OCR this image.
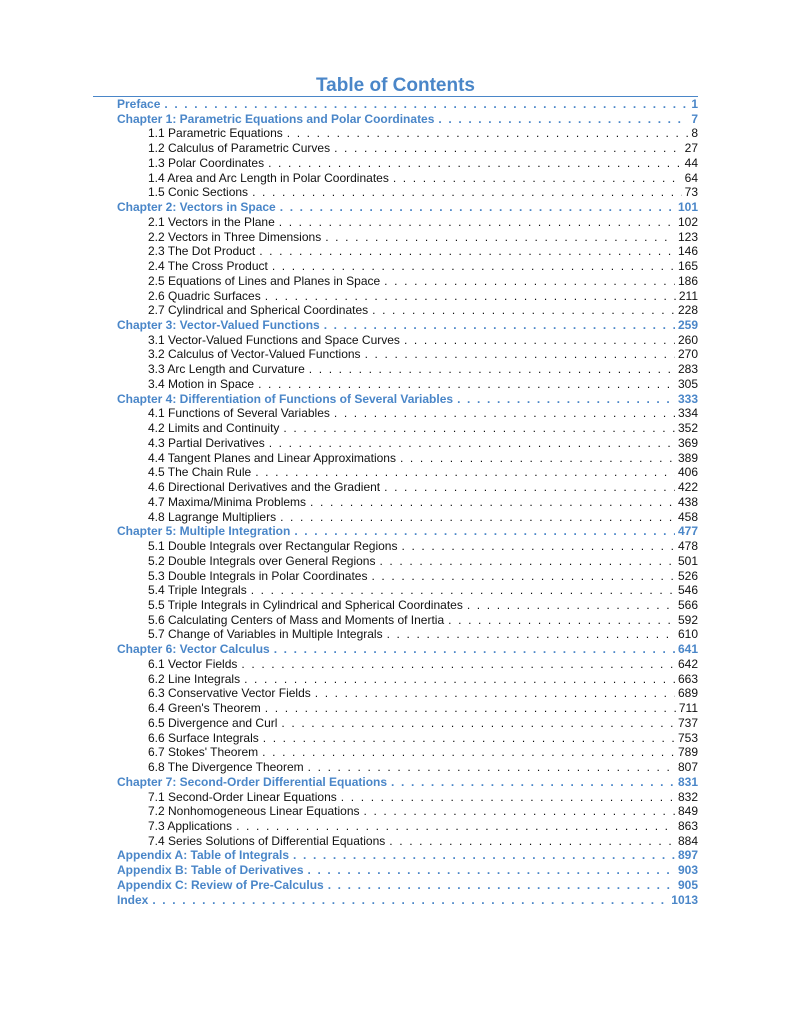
Table of Contents
Preface . . .	1
Chapter 1: Parametric Equations and Polar Coordinates . . .	7
1.1 Parametric Equations . . .	8
1.2 Calculus of Parametric Curves . . .	27
1.3 Polar Coordinates . . .	44
1.4 Area and Arc Length in Polar Coordinates . . .	64
1.5 Conic Sections . . .	73
Chapter 2: Vectors in Space . . .	101
2.1 Vectors in the Plane . . .	102
2.2 Vectors in Three Dimensions . . .	123
2.3 The Dot Product . . .	146
2.4 The Cross Product . . .	165
2.5 Equations of Lines and Planes in Space . . .	186
2.6 Quadric Surfaces . . .	211
2.7 Cylindrical and Spherical Coordinates . . .	228
Chapter 3: Vector-Valued Functions . . .	259
3.1 Vector-Valued Functions and Space Curves . . .	260
3.2 Calculus of Vector-Valued Functions . . .	270
3.3 Arc Length and Curvature . . .	283
3.4 Motion in Space . . .	305
Chapter 4: Differentiation of Functions of Several Variables . . .	333
4.1 Functions of Several Variables . . .	334
4.2 Limits and Continuity . . .	352
4.3 Partial Derivatives . . .	369
4.4 Tangent Planes and Linear Approximations . . .	389
4.5 The Chain Rule . . .	406
4.6 Directional Derivatives and the Gradient . . .	422
4.7 Maxima/Minima Problems . . .	438
4.8 Lagrange Multipliers . . .	458
Chapter 5: Multiple Integration . . .	477
5.1 Double Integrals over Rectangular Regions . . .	478
5.2 Double Integrals over General Regions . . .	501
5.3 Double Integrals in Polar Coordinates . . .	526
5.4 Triple Integrals . . .	546
5.5 Triple Integrals in Cylindrical and Spherical Coordinates . . .	566
5.6 Calculating Centers of Mass and Moments of Inertia . . .	592
5.7 Change of Variables in Multiple Integrals . . .	610
Chapter 6: Vector Calculus . . .	641
6.1 Vector Fields . . .	642
6.2 Line Integrals . . .	663
6.3 Conservative Vector Fields . . .	689
6.4 Green's Theorem . . .	711
6.5 Divergence and Curl . . .	737
6.6 Surface Integrals . . .	753
6.7 Stokes' Theorem . . .	789
6.8 The Divergence Theorem . . .	807
Chapter 7: Second-Order Differential Equations . . .	831
7.1 Second-Order Linear Equations . . .	832
7.2 Nonhomogeneous Linear Equations . . .	849
7.3 Applications . . .	863
7.4 Series Solutions of Differential Equations . . .	884
Appendix A: Table of Integrals . . .	897
Appendix B: Table of Derivatives . . .	903
Appendix C: Review of Pre-Calculus . . .	905
Index . . .	1013
